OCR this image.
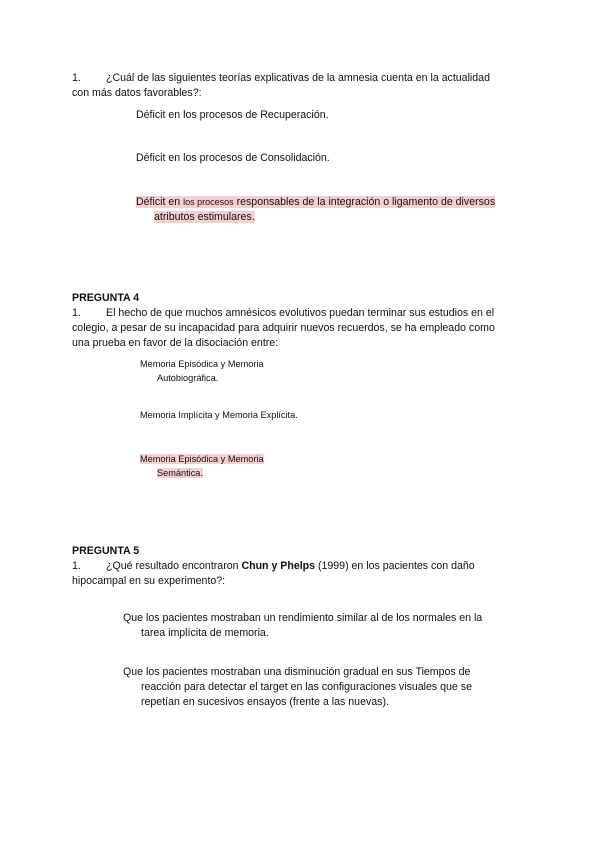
1. ¿Cuál de las siguientes teorías explicativas de la amnesia cuenta en la actualidad
con más datos favorables?:
Déficit en los procesos de Recuperación.
Déficit en los procesos de Consolidación.
Déficit en los procesos responsables de la integración o ligamento de diversos
atributos estimulares.
PREGUNTA 4
1. El hecho de que muchos amnésicos evolutivos puedan terminar sus estudios en el
colegio, a pesar de su incapacidad para adquirir nuevos recuerdos, se ha empleado como
una prueba en favor de la disociación entre:
Memoria Episódica y Memoria
Autobiográfica.
Memoria Implícita y Memoria Explícita.
Memoria Episódica y Memoria
Semántica.
PREGUNTA 5
1. ¿Qué resultado encontraron Chun y Phelps (1999) en los pacientes con daño
hipocampal en su experimento?:
Que los pacientes mostraban un rendimiento similar al de los normales en la
tarea implícita de memoria.
Que los pacientes mostraban una disminución gradual en sus Tiempos de
reacción para detectar el target en las configuraciones visuales que se
repetían en sucesivos ensayos (frente a las nuevas).
